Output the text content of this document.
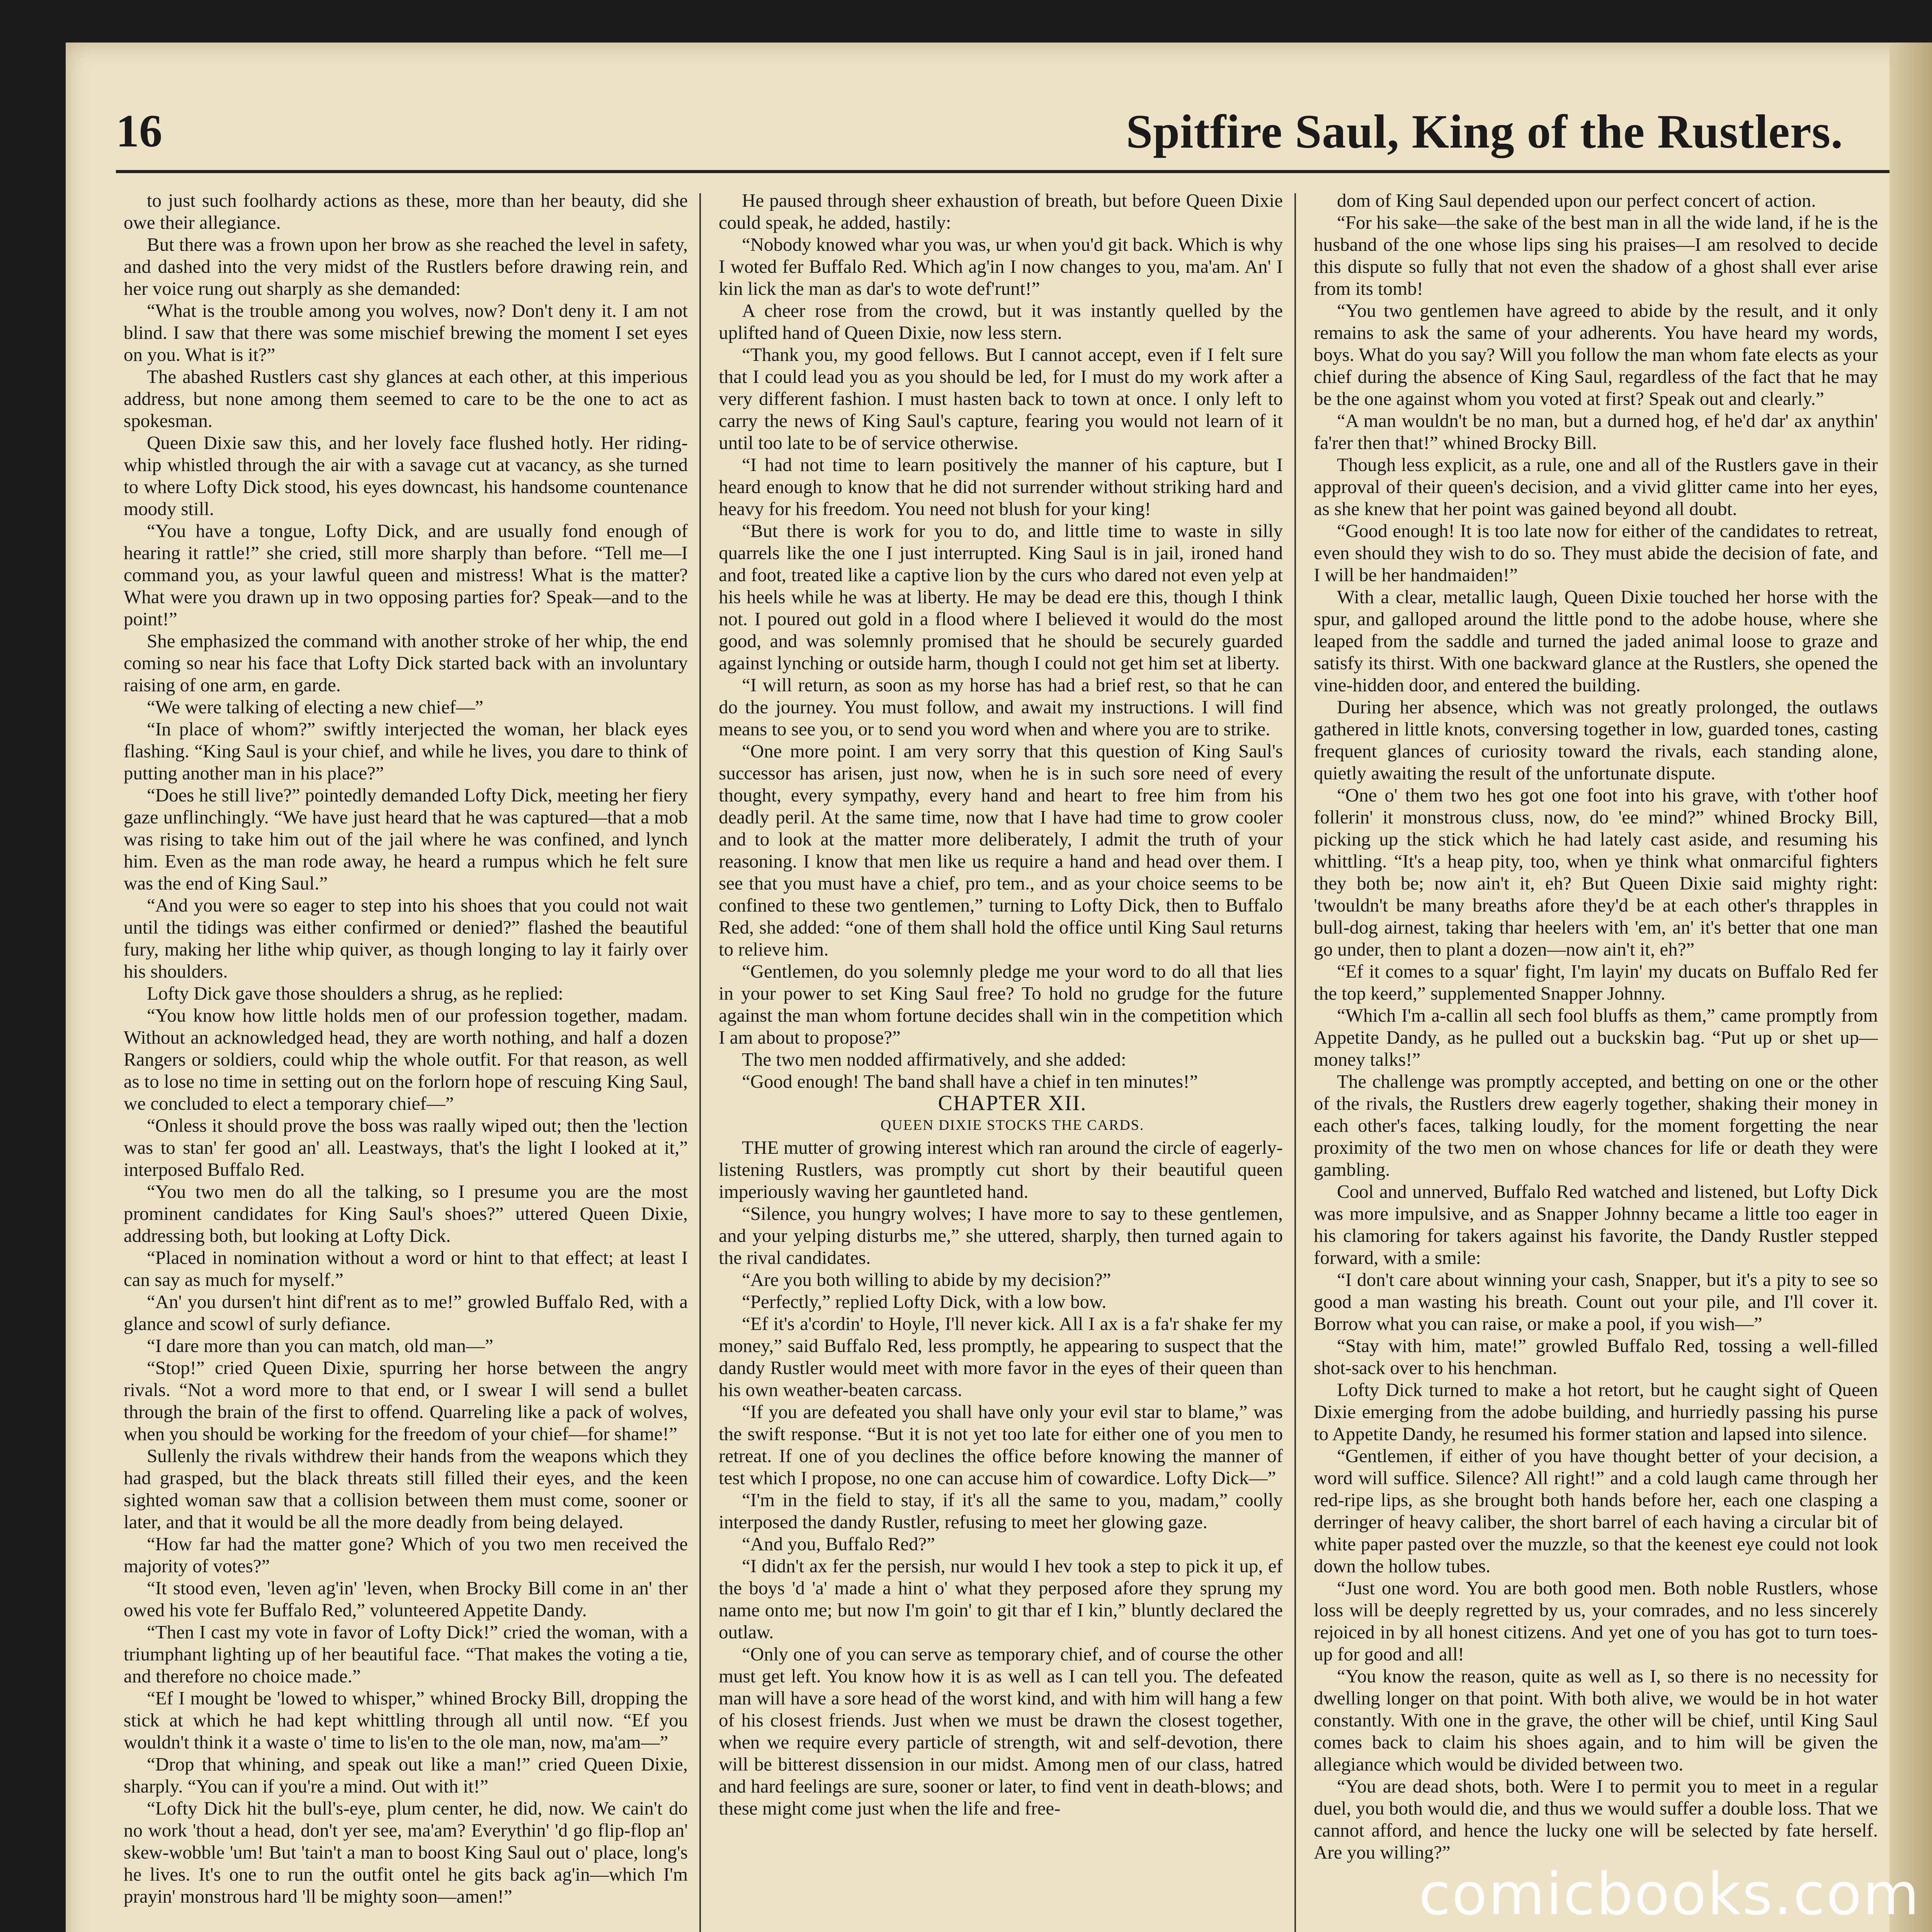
16	Spitfire Saul, King of the Rustlers.

to just such foolhardy actions as these, more than her beauty, did she owe their allegiance.

But there was a frown upon her brow as she reached the level in safety, and dashed into the very midst of the Rustlers before drawing rein, and her voice rung out sharply as she demanded:

“What is the trouble among you wolves, now? Don't deny it. I am not blind. I saw that there was some mischief brewing the moment I set eyes on you. What is it?”

The abashed Rustlers cast shy glances at each other, at this imperious address, but none among them seemed to care to be the one to act as spokesman.

Queen Dixie saw this, and her lovely face flushed hotly. Her riding-whip whistled through the air with a savage cut at vacancy, as she turned to where Lofty Dick stood, his eyes downcast, his handsome countenance moody still.

“You have a tongue, Lofty Dick, and are usually fond enough of hearing it rattle!” she cried, still more sharply than before. “Tell me—I command you, as your lawful queen and mistress! What is the matter? What were you drawn up in two opposing parties for? Speak—and to the point!”

She emphasized the command with another stroke of her whip, the end coming so near his face that Lofty Dick started back with an involuntary raising of one arm, en garde.

“We were talking of electing a new chief—”

“In place of whom?” swiftly interjected the woman, her black eyes flashing. “King Saul is your chief, and while he lives, you dare to think of putting another man in his place?”

“Does he still live?” pointedly demanded Lofty Dick, meeting her fiery gaze unflinchingly. “We have just heard that he was captured—that a mob was rising to take him out of the jail where he was confined, and lynch him. Even as the man rode away, he heard a rumpus which he felt sure was the end of King Saul.”

“And you were so eager to step into his shoes that you could not wait until the tidings was either confirmed or denied?” flashed the beautiful fury, making her lithe whip quiver, as though longing to lay it fairly over his shoulders.

Lofty Dick gave those shoulders a shrug, as he replied:

“You know how little holds men of our profession together, madam. Without an acknowledged head, they are worth nothing, and half a dozen Rangers or soldiers, could whip the whole outfit. For that reason, as well as to lose no time in setting out on the forlorn hope of rescuing King Saul, we concluded to elect a temporary chief—”

“Onless it should prove the boss was raally wiped out; then the 'lection was to stan' fer good an' all. Leastways, that's the light I looked at it,” interposed Buffalo Red.

“You two men do all the talking, so I presume you are the most prominent candidates for King Saul's shoes?” uttered Queen Dixie, addressing both, but looking at Lofty Dick.

“Placed in nomination without a word or hint to that effect; at least I can say as much for myself.”

“An' you dursen't hint dif'rent as to me!” growled Buffalo Red, with a glance and scowl of surly defiance.

“I dare more than you can match, old man—”

“Stop!” cried Queen Dixie, spurring her horse between the angry rivals. “Not a word more to that end, or I swear I will send a bullet through the brain of the first to offend. Quarreling like a pack of wolves, when you should be working for the freedom of your chief—for shame!”

Sullenly the rivals withdrew their hands from the weapons which they had grasped, but the black threats still filled their eyes, and the keen sighted woman saw that a collision between them must come, sooner or later, and that it would be all the more deadly from being delayed.

“How far had the matter gone? Which of you two men received the majority of votes?”

“It stood even, 'leven ag'in' 'leven, when Brocky Bill come in an' ther owed his vote fer Buffalo Red,” volunteered Appetite Dandy.

“Then I cast my vote in favor of Lofty Dick!” cried the woman, with a triumphant lighting up of her beautiful face. “That makes the voting a tie, and therefore no choice made.”

“Ef I mought be 'lowed to whisper,” whined Brocky Bill, dropping the stick at which he had kept whittling through all until now. “Ef you wouldn't think it a waste o' time to lis'en to the ole man, now, ma'am—”

“Drop that whining, and speak out like a man!” cried Queen Dixie, sharply. “You can if you're a mind. Out with it!”

“Lofty Dick hit the bull's-eye, plum center, he did, now. We cain't do no work 'thout a head, don't yer see, ma'am? Everythin' 'd go flip-flop an' skew-wobble 'um! But 'tain't a man to boost King Saul out o' place, long's he lives. It's one to run the outfit ontel he gits back ag'in—which I'm prayin' monstrous hard 'll be mighty soon—amen!”

He paused through sheer exhaustion of breath, but before Queen Dixie could speak, he added, hastily:

“Nobody knowed whar you was, ur when you'd git back. Which is why I woted fer Buffalo Red. Which ag'in I now changes to you, ma'am. An' I kin lick the man as dar's to wote def'runt!”

A cheer rose from the crowd, but it was instantly quelled by the uplifted hand of Queen Dixie, now less stern.

“Thank you, my good fellows. But I cannot accept, even if I felt sure that I could lead you as you should be led, for I must do my work after a very different fashion. I must hasten back to town at once. I only left to carry the news of King Saul's capture, fearing you would not learn of it until too late to be of service otherwise.

“I had not time to learn positively the manner of his capture, but I heard enough to know that he did not surrender without striking hard and heavy for his freedom. You need not blush for your king!

“But there is work for you to do, and little time to waste in silly quarrels like the one I just interrupted. King Saul is in jail, ironed hand and foot, treated like a captive lion by the curs who dared not even yelp at his heels while he was at liberty. He may be dead ere this, though I think not. I poured out gold in a flood where I believed it would do the most good, and was solemnly promised that he should be securely guarded against lynching or outside harm, though I could not get him set at liberty.

“I will return, as soon as my horse has had a brief rest, so that he can do the journey. You must follow, and await my instructions. I will find means to see you, or to send you word when and where you are to strike.

“One more point. I am very sorry that this question of King Saul's successor has arisen, just now, when he is in such sore need of every thought, every sympathy, every hand and heart to free him from his deadly peril. At the same time, now that I have had time to grow cooler and to look at the matter more deliberately, I admit the truth of your reasoning. I know that men like us require a hand and head over them. I see that you must have a chief, pro tem., and as your choice seems to be confined to these two gentlemen,” turning to Lofty Dick, then to Buffalo Red, she added: “one of them shall hold the office until King Saul returns to relieve him.

“Gentlemen, do you solemnly pledge me your word to do all that lies in your power to set King Saul free? To hold no grudge for the future against the man whom fortune decides shall win in the competition which I am about to propose?”

The two men nodded affirmatively, and she added:

“Good enough! The band shall have a chief in ten minutes!”

CHAPTER XII.

QUEEN DIXIE STOCKS THE CARDS.

THE mutter of growing interest which ran around the circle of eagerly-listening Rustlers, was promptly cut short by their beautiful queen imperiously waving her gauntleted hand.

“Silence, you hungry wolves; I have more to say to these gentlemen, and your yelping disturbs me,” she uttered, sharply, then turned again to the rival candidates.

“Are you both willing to abide by my decision?”

“Perfectly,” replied Lofty Dick, with a low bow.

“Ef it's a'cordin' to Hoyle, I'll never kick. All I ax is a fa'r shake fer my money,” said Buffalo Red, less promptly, he appearing to suspect that the dandy Rustler would meet with more favor in the eyes of their queen than his own weather-beaten carcass.

“If you are defeated you shall have only your evil star to blame,” was the swift response. “But it is not yet too late for either one of you men to retreat. If one of you declines the office before knowing the manner of test which I propose, no one can accuse him of cowardice. Lofty Dick—”

“I'm in the field to stay, if it's all the same to you, madam,” coolly interposed the dandy Rustler, refusing to meet her glowing gaze.

“And you, Buffalo Red?”

“I didn't ax fer the persish, nur would I hev took a step to pick it up, ef the boys 'd 'a' made a hint o' what they perposed afore they sprung my name onto me; but now I'm goin' to git thar ef I kin,” bluntly declared the outlaw.

“Only one of you can serve as temporary chief, and of course the other must get left. You know how it is as well as I can tell you. The defeated man will have a sore head of the worst kind, and with him will hang a few of his closest friends. Just when we must be drawn the closest together, when we require every particle of strength, wit and self-devotion, there will be bitterest dissension in our midst. Among men of our class, hatred and hard feelings are sure, sooner or later, to find vent in death-blows; and these might come just when the life and free-

dom of King Saul depended upon our perfect concert of action.

“For his sake—the sake of the best man in all the wide land, if he is the husband of the one whose lips sing his praises—I am resolved to decide this dispute so fully that not even the shadow of a ghost shall ever arise from its tomb!

“You two gentlemen have agreed to abide by the result, and it only remains to ask the same of your adherents. You have heard my words, boys. What do you say? Will you follow the man whom fate elects as your chief during the absence of King Saul, regardless of the fact that he may be the one against whom you voted at first? Speak out and clearly.”

“A man wouldn't be no man, but a durned hog, ef he'd dar' ax anythin' fa'rer then that!” whined Brocky Bill.

Though less explicit, as a rule, one and all of the Rustlers gave in their approval of their queen's decision, and a vivid glitter came into her eyes, as she knew that her point was gained beyond all doubt.

“Good enough! It is too late now for either of the candidates to retreat, even should they wish to do so. They must abide the decision of fate, and I will be her handmaiden!”

With a clear, metallic laugh, Queen Dixie touched her horse with the spur, and galloped around the little pond to the adobe house, where she leaped from the saddle and turned the jaded animal loose to graze and satisfy its thirst. With one backward glance at the Rustlers, she opened the vine-hidden door, and entered the building.

During her absence, which was not greatly prolonged, the outlaws gathered in little knots, conversing together in low, guarded tones, casting frequent glances of curiosity toward the rivals, each standing alone, quietly awaiting the result of the unfortunate dispute.

“One o' them two hes got one foot into his grave, with t'other hoof follerin' it monstrous cluss, now, do 'ee mind?” whined Brocky Bill, picking up the stick which he had lately cast aside, and resuming his whittling. “It's a heap pity, too, when ye think what onmarciful fighters they both be; now ain't it, eh? But Queen Dixie said mighty right: 'twouldn't be many breaths afore they'd be at each other's thrapples in bull-dog airnest, taking thar heelers with 'em, an' it's better that one man go under, then to plant a dozen—now ain't it, eh?”

“Ef it comes to a squar' fight, I'm layin' my ducats on Buffalo Red fer the top keerd,” supplemented Snapper Johnny.

“Which I'm a-callin all sech fool bluffs as them,” came promptly from Appetite Dandy, as he pulled out a buckskin bag. “Put up or shet up—money talks!”

The challenge was promptly accepted, and betting on one or the other of the rivals, the Rustlers drew eagerly together, shaking their money in each other's faces, talking loudly, for the moment forgetting the near proximity of the two men on whose chances for life or death they were gambling.

Cool and unnerved, Buffalo Red watched and listened, but Lofty Dick was more impulsive, and as Snapper Johnny became a little too eager in his clamoring for takers against his favorite, the Dandy Rustler stepped forward, with a smile:

“I don't care about winning your cash, Snapper, but it's a pity to see so good a man wasting his breath. Count out your pile, and I'll cover it. Borrow what you can raise, or make a pool, if you wish—”

“Stay with him, mate!” growled Buffalo Red, tossing a well-filled shot-sack over to his henchman.

Lofty Dick turned to make a hot retort, but he caught sight of Queen Dixie emerging from the adobe building, and hurriedly passing his purse to Appetite Dandy, he resumed his former station and lapsed into silence.

“Gentlemen, if either of you have thought better of your decision, a word will suffice. Silence? All right!” and a cold laugh came through her red-ripe lips, as she brought both hands before her, each one clasping a derringer of heavy caliber, the short barrel of each having a circular bit of white paper pasted over the muzzle, so that the keenest eye could not look down the hollow tubes.

“Just one word. You are both good men. Both noble Rustlers, whose loss will be deeply regretted by us, your comrades, and no less sincerely rejoiced in by all honest citizens. And yet one of you has got to turn toes-up for good and all!

“You know the reason, quite as well as I, so there is no necessity for dwelling longer on that point. With both alive, we would be in hot water constantly. With one in the grave, the other will be chief, until King Saul comes back to claim his shoes again, and to him will be given the allegiance which would be divided between two.

“You are dead shots, both. Were I to permit you to meet in a regular duel, you both would die, and thus we would suffer a double loss. That we cannot afford, and hence the lucky one will be selected by fate herself. Are you willing?”

comicbooks.com
